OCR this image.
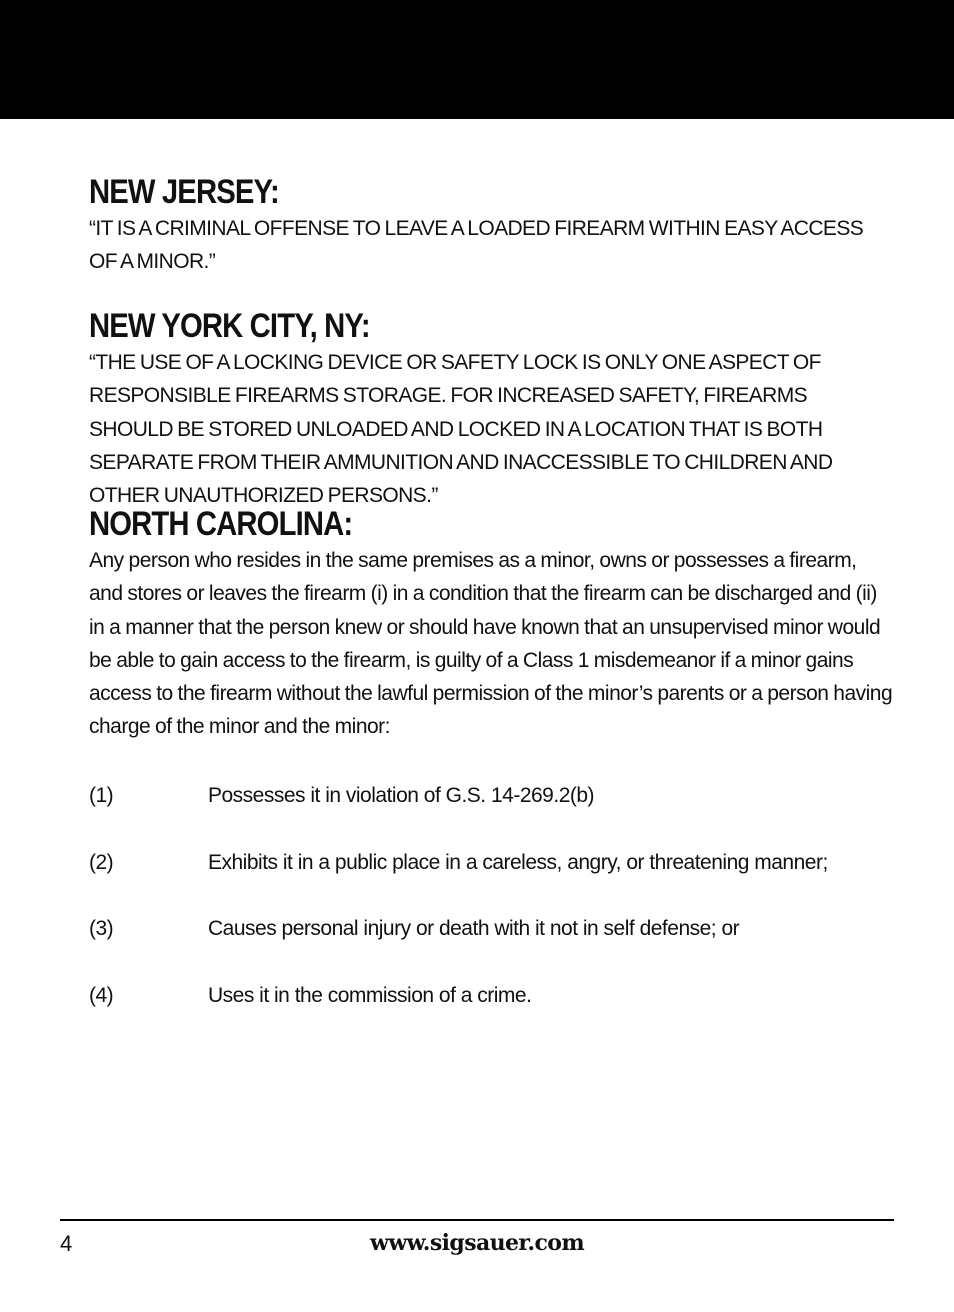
NEW JERSEY:

“IT IS A CRIMINAL OFFENSE TO LEAVE A LOADED FIREARM WITHIN EASY ACCESS OF A MINOR.”

NEW YORK CITY, NY:

“THE USE OF A LOCKING DEVICE OR SAFETY LOCK IS ONLY ONE ASPECT OF RESPONSIBLE FIREARMS STORAGE. FOR INCREASED SAFETY, FIREARMS SHOULD BE STORED UNLOADED AND LOCKED IN A LOCATION THAT IS BOTH SEPARATE FROM THEIR AMMUNITION AND INACCESSIBLE TO CHILDREN AND OTHER UNAUTHORIZED PERSONS.”

NORTH CAROLINA:

Any person who resides in the same premises as a minor, owns or possesses a firearm, and stores or leaves the firearm (i) in a condition that the firearm can be discharged and (ii) in a manner that the person knew or should have known that an unsupervised minor would be able to gain access to the firearm, is guilty of a Class 1 misdemeanor if a minor gains access to the firearm without the lawful permission of the minor’s parents or a person having charge of the minor and the minor:

(1)	Possesses it in violation of G.S. 14-269.2(b)
(2)	Exhibits it in a public place in a careless, angry, or threatening manner;
(3)	Causes personal injury or death with it not in self defense; or
(4)	Uses it in the commission of a crime.
4	www.sigsauer.com
